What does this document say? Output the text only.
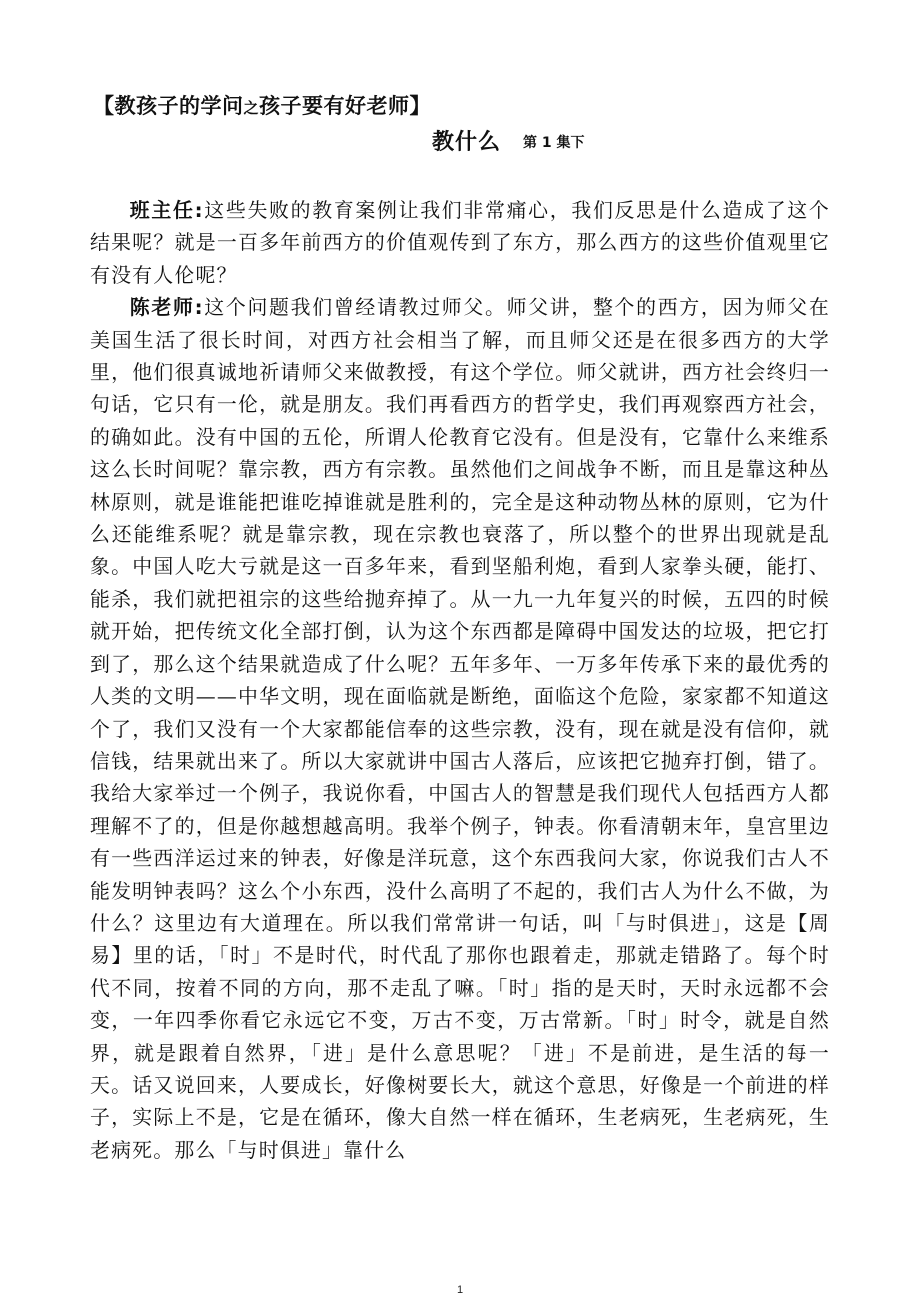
【教孩子的学问之孩子要有好老师】
教什么 第 1 集下

班主任:这些失败的教育案例让我们非常痛心，我们反思是什么造成了这个结果呢？就是一百多年前西方的价值观传到了东方，那么西方的这些价值观里它有没有人伦呢？

陈老师:这个问题我们曾经请教过师父。师父讲，整个的西方，因为师父在美国生活了很长时间，对西方社会相当了解，而且师父还是在很多西方的大学里，他们很真诚地祈请师父来做教授，有这个学位。师父就讲，西方社会终归一句话，它只有一伦，就是朋友。我们再看西方的哲学史，我们再观察西方社会，的确如此。没有中国的五伦，所谓人伦教育它没有。但是没有，它靠什么来维系这么长时间呢？靠宗教，西方有宗教。虽然他们之间战争不断，而且是靠这种丛林原则，就是谁能把谁吃掉谁就是胜利的，完全是这种动物丛林的原则，它为什么还能维系呢？就是靠宗教，现在宗教也衰落了，所以整个的世界出现就是乱象。中国人吃大亏就是这一百多年来，看到坚船利炮，看到人家拳头硬，能打、能杀，我们就把祖宗的这些给抛弃掉了。从一九一九年复兴的时候，五四的时候就开始，把传统文化全部打倒，认为这个东西都是障碍中国发达的垃圾，把它打到了，那么这个结果就造成了什么呢？五年多年、一万多年传承下来的最优秀的人类的文明——中华文明，现在面临就是断绝，面临这个危险，家家都不知道这个了，我们又没有一个大家都能信奉的这些宗教，没有，现在就是没有信仰，就信钱，结果就出来了。所以大家就讲中国古人落后，应该把它抛弃打倒，错了。我给大家举过一个例子，我说你看，中国古人的智慧是我们现代人包括西方人都理解不了的，但是你越想越高明。我举个例子，钟表。你看清朝末年，皇宫里边有一些西洋运过来的钟表，好像是洋玩意，这个东西我问大家，你说我们古人不能发明钟表吗？这么个小东西，没什么高明了不起的，我们古人为什么不做，为什么？这里边有大道理在。所以我们常常讲一句话，叫「与时俱进」，这是【周易】里的话，「时」不是时代，时代乱了那你也跟着走，那就走错路了。每个时代不同，按着不同的方向，那不走乱了嘛。「时」指的是天时，天时永远都不会变，一年四季你看它永远它不变，万古不变，万古常新。「时」时令，就是自然界，就是跟着自然界，「进」是什么意思呢？「进」不是前进，是生活的每一天。话又说回来，人要成长，好像树要长大，就这个意思，好像是一个前进的样子，实际上不是，它是在循环，像大自然一样在循环，生老病死，生老病死，生老病死。那么「与时俱进」靠什么

1
